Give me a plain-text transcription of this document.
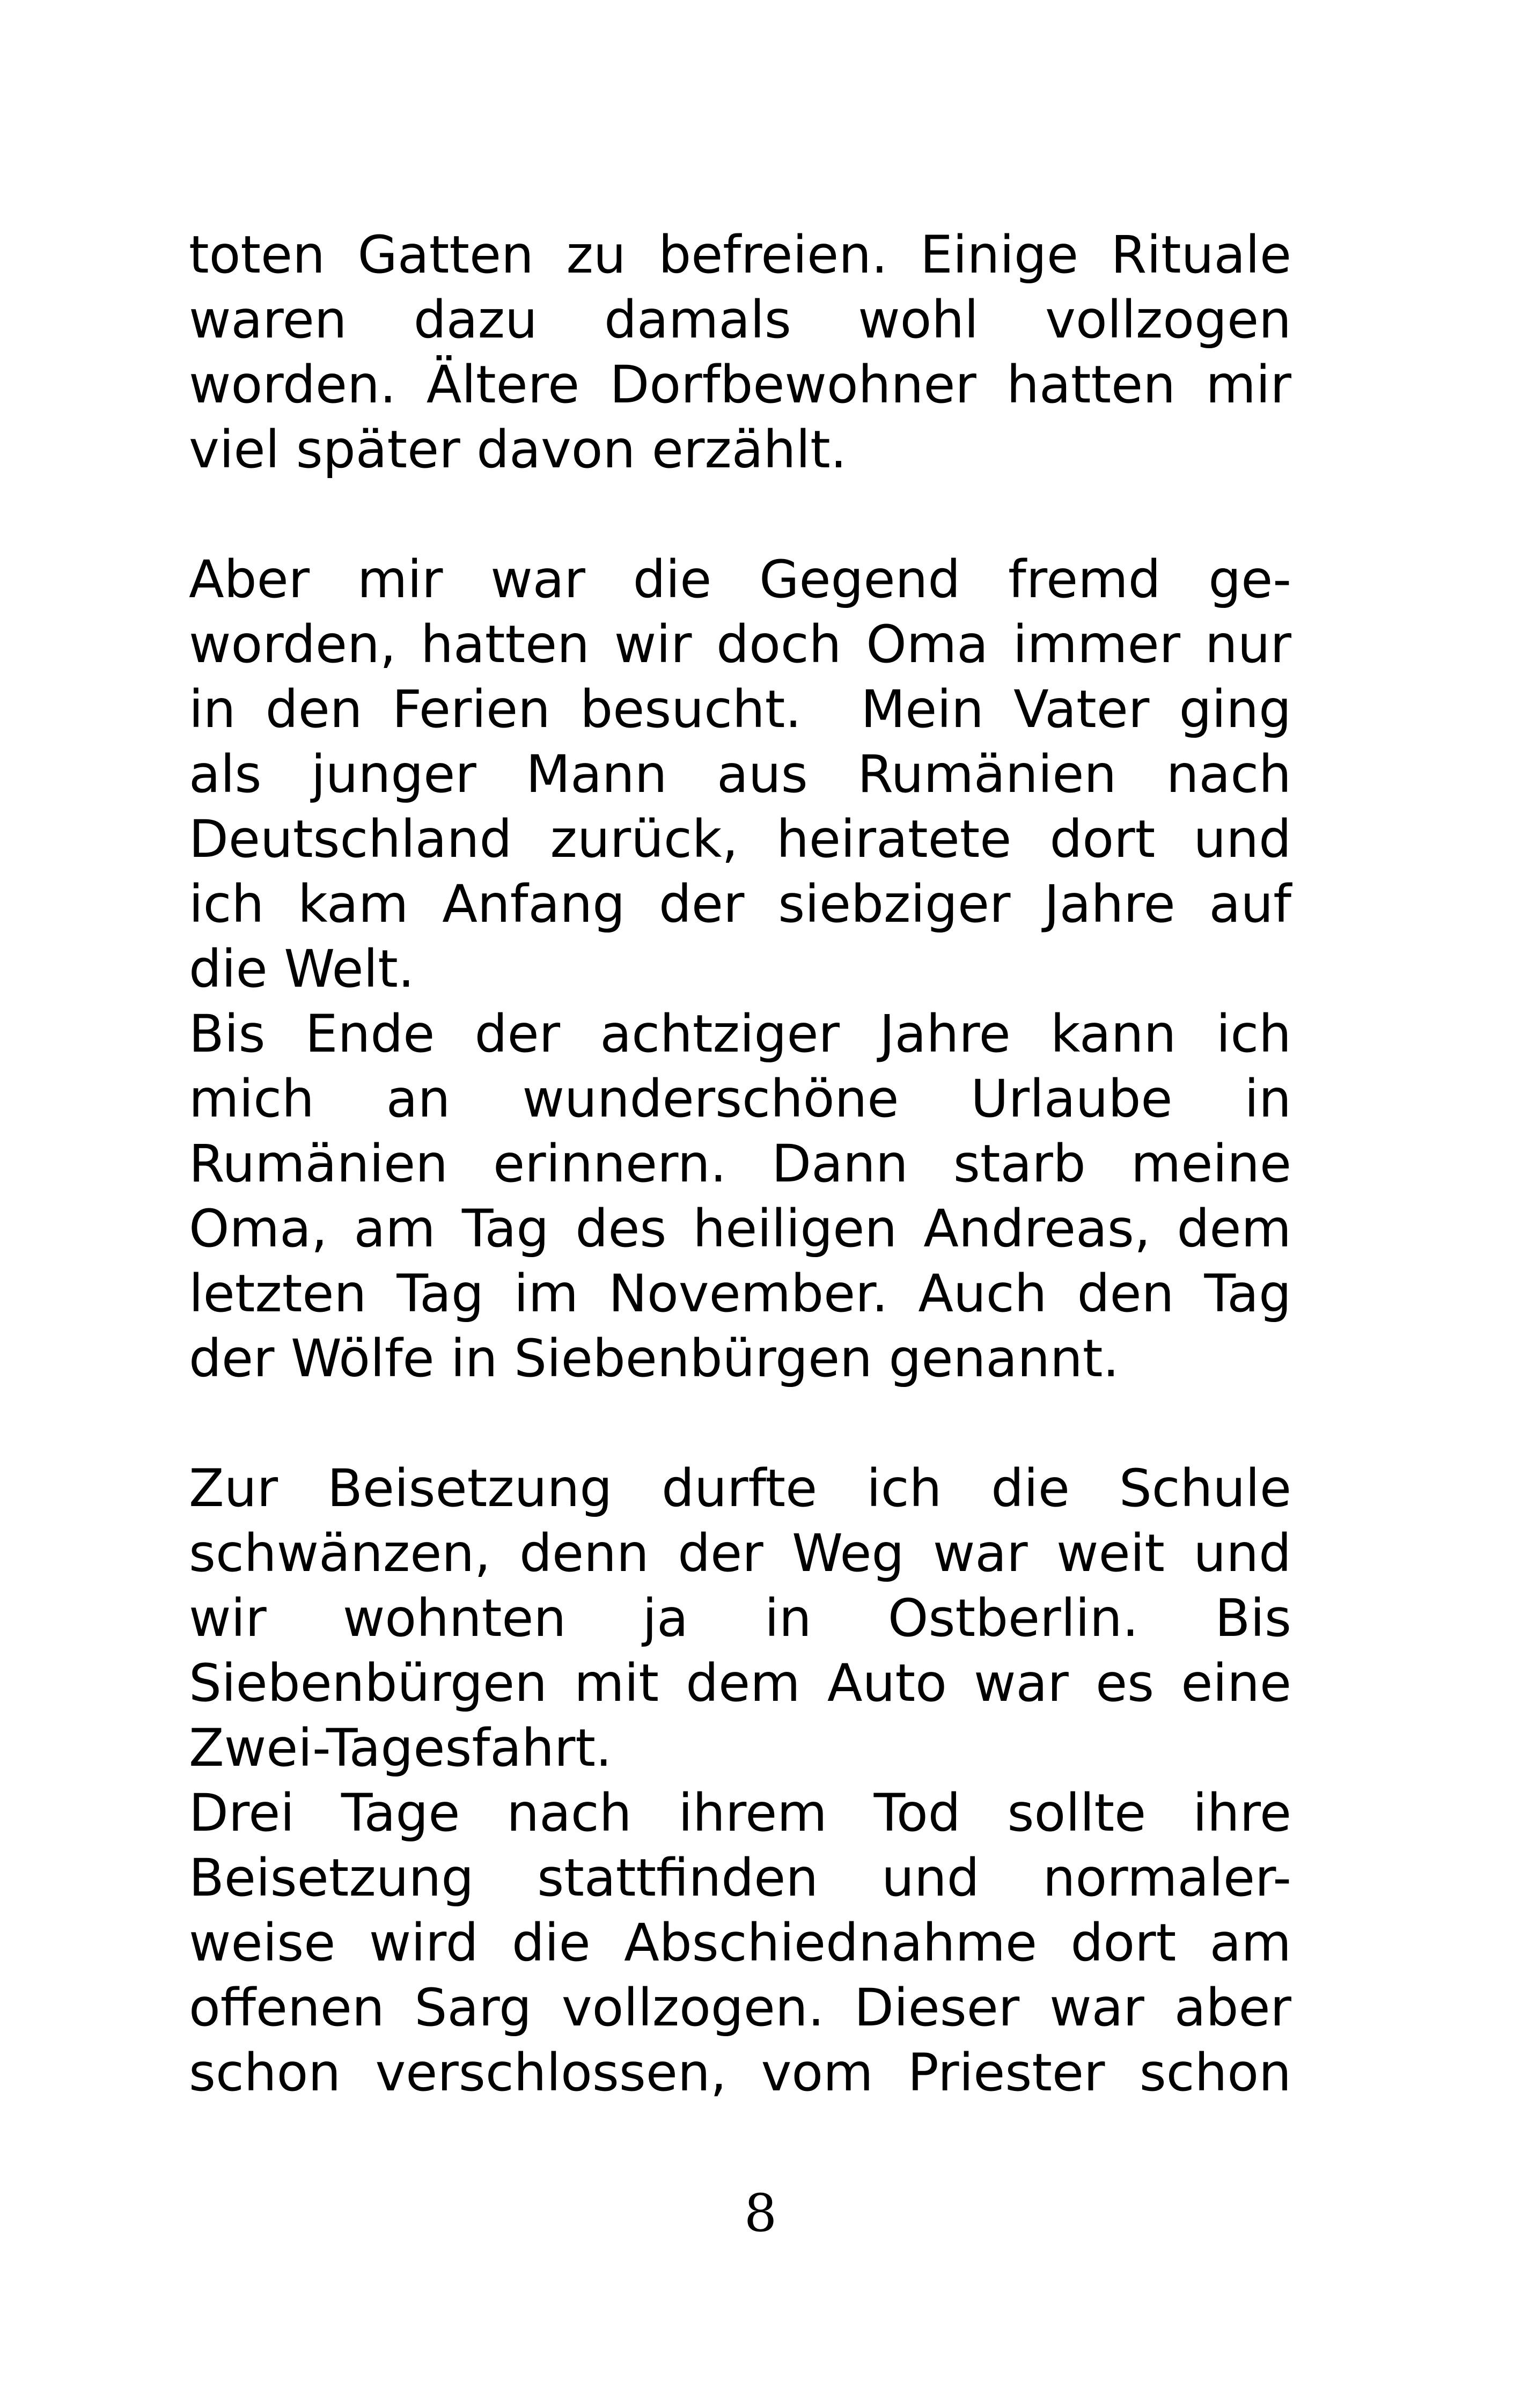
toten Gatten zu befreien. Einige Rituale
waren dazu damals wohl vollzogen
worden. Ältere Dorfbewohner hatten mir
viel später davon erzählt.
Aber mir war die Gegend fremd ge-
worden, hatten wir doch Oma immer nur
in den Ferien besucht.  Mein Vater ging
als junger Mann aus Rumänien nach
Deutschland zurück, heiratete dort und
ich kam Anfang der siebziger Jahre auf
die Welt.
Bis Ende der achtziger Jahre kann ich
mich an wunderschöne Urlaube in
Rumänien erinnern. Dann starb meine
Oma, am Tag des heiligen Andreas, dem
letzten Tag im November. Auch den Tag
der Wölfe in Siebenbürgen genannt.
Zur Beisetzung durfte ich die Schule
schwänzen, denn der Weg war weit und
wir wohnten ja in Ostberlin. Bis
Siebenbürgen mit dem Auto war es eine
Zwei-Tagesfahrt.
Drei Tage nach ihrem Tod sollte ihre
Beisetzung stattfinden und normaler-
weise wird die Abschiednahme dort am
offenen Sarg vollzogen. Dieser war aber
schon verschlossen, vom Priester schon
8
